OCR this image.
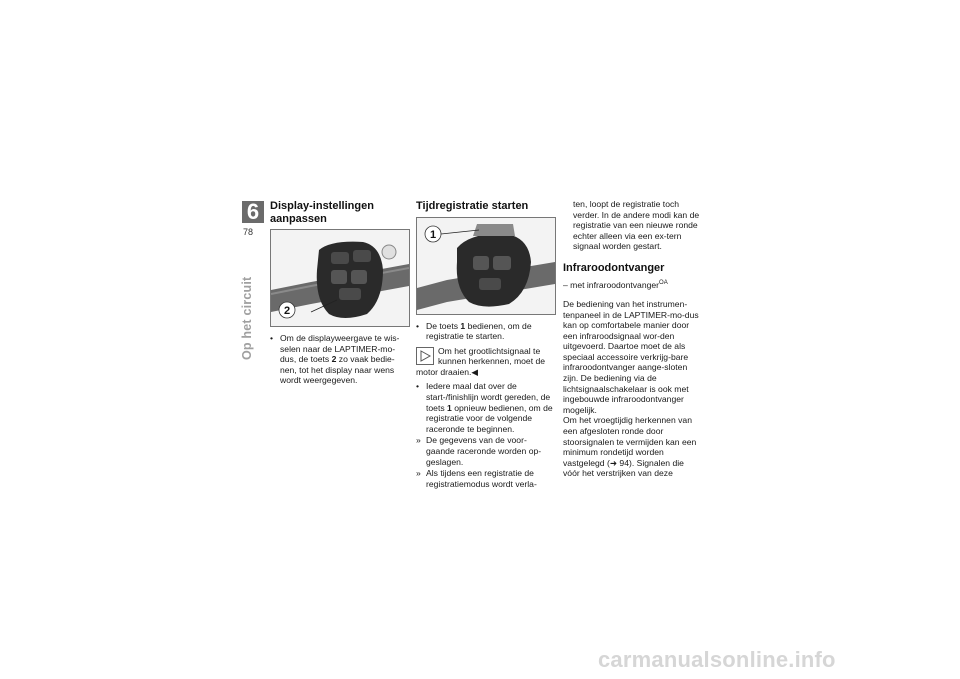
6
78
Op het circuit
Display-instellingen aanpassen
2
• Om de displayweergave te wis-selen naar de LAPTIMER-mo-dus, de toets 2 zo vaak bedie-nen, tot het display naar wens wordt weergegeven.
Tijdregistratie starten
1
• De toets 1 bedienen, om de registratie te starten.
Om het grootlichtsignaal te kunnen herkennen, moet de motor draaien.◀
• Iedere maal dat over de start-/finishlijn wordt gereden, de toets 1 opnieuw bedienen, om de registratie voor de volgende raceronde te beginnen.
» De gegevens van de voor-gaande raceronde worden op-geslagen.
» Als tijdens een registratie de registratiemodus wordt verla-

ten, loopt de registratie toch verder. In de andere modi kan de registratie van een nieuwe ronde echter alleen via een ex-tern signaal worden gestart.

Infraroodontvanger

– met infraroodontvanger$^{OA}$

De bediening van het instrumen-tenpaneel in de LAPTIMER-mo-dus kan op comfortabele manier door een infraroodsignaal wor-den uitgevoerd. Daartoe moet de als speciaal accessoire verkrijg-bare infraroodontvanger aange-sloten zijn. De bediening via de lichtsignaalschakelaar is ook met ingebouwde infraroodontvanger mogelijk.

Om het vroegtijdig herkennen van een afgesloten ronde door stoorsignalen te vermijden kan een minimum rondetijd worden vastgelegd (➜ 94). Signalen die vóór het verstrijken van deze

carmanualsonline.info
